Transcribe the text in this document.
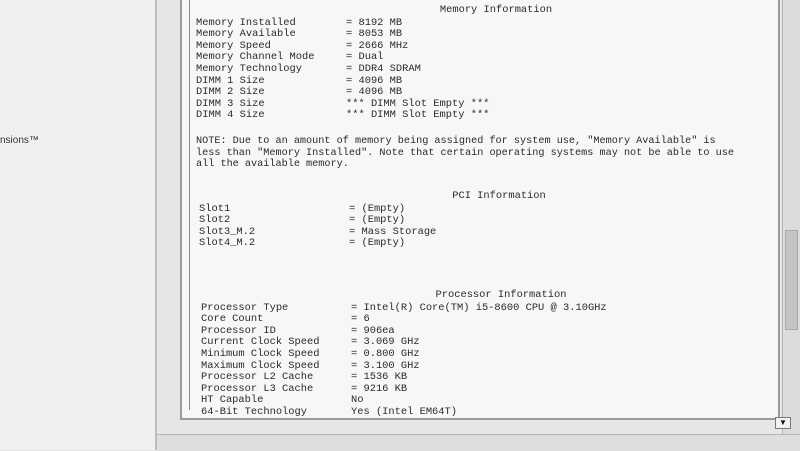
nsions™
Memory Information
Memory Installed	= 8192 MB
Memory Available	= 8053 MB
Memory Speed	= 2666 MHz
Memory Channel Mode	= Dual
Memory Technology	= DDR4 SDRAM
DIMM 1 Size	= 4096 MB
DIMM 2 Size	= 4096 MB
DIMM 3 Size	*** DIMM Slot Empty ***
DIMM 4 Size	*** DIMM Slot Empty ***
NOTE: Due to an amount of memory being assigned for system use, "Memory Available" is less than "Memory Installed". Note that certain operating systems may not be able to use all the available memory.
PCI Information
Slot1	= (Empty)
Slot2	= (Empty)
Slot3_M.2	= Mass Storage
Slot4_M.2	= (Empty)
Processor Information
Processor Type	= Intel(R) Core(TM) i5-8600 CPU @ 3.10GHz
Core Count	= 6
Processor ID	= 906ea
Current Clock Speed	= 3.069 GHz
Minimum Clock Speed	= 0.800 GHz
Maximum Clock Speed	= 3.100 GHz
Processor L2 Cache	= 1536 KB
Processor L3 Cache	= 9216 KB
HT Capable	No
64-Bit Technology	Yes (Intel EM64T)
▼
